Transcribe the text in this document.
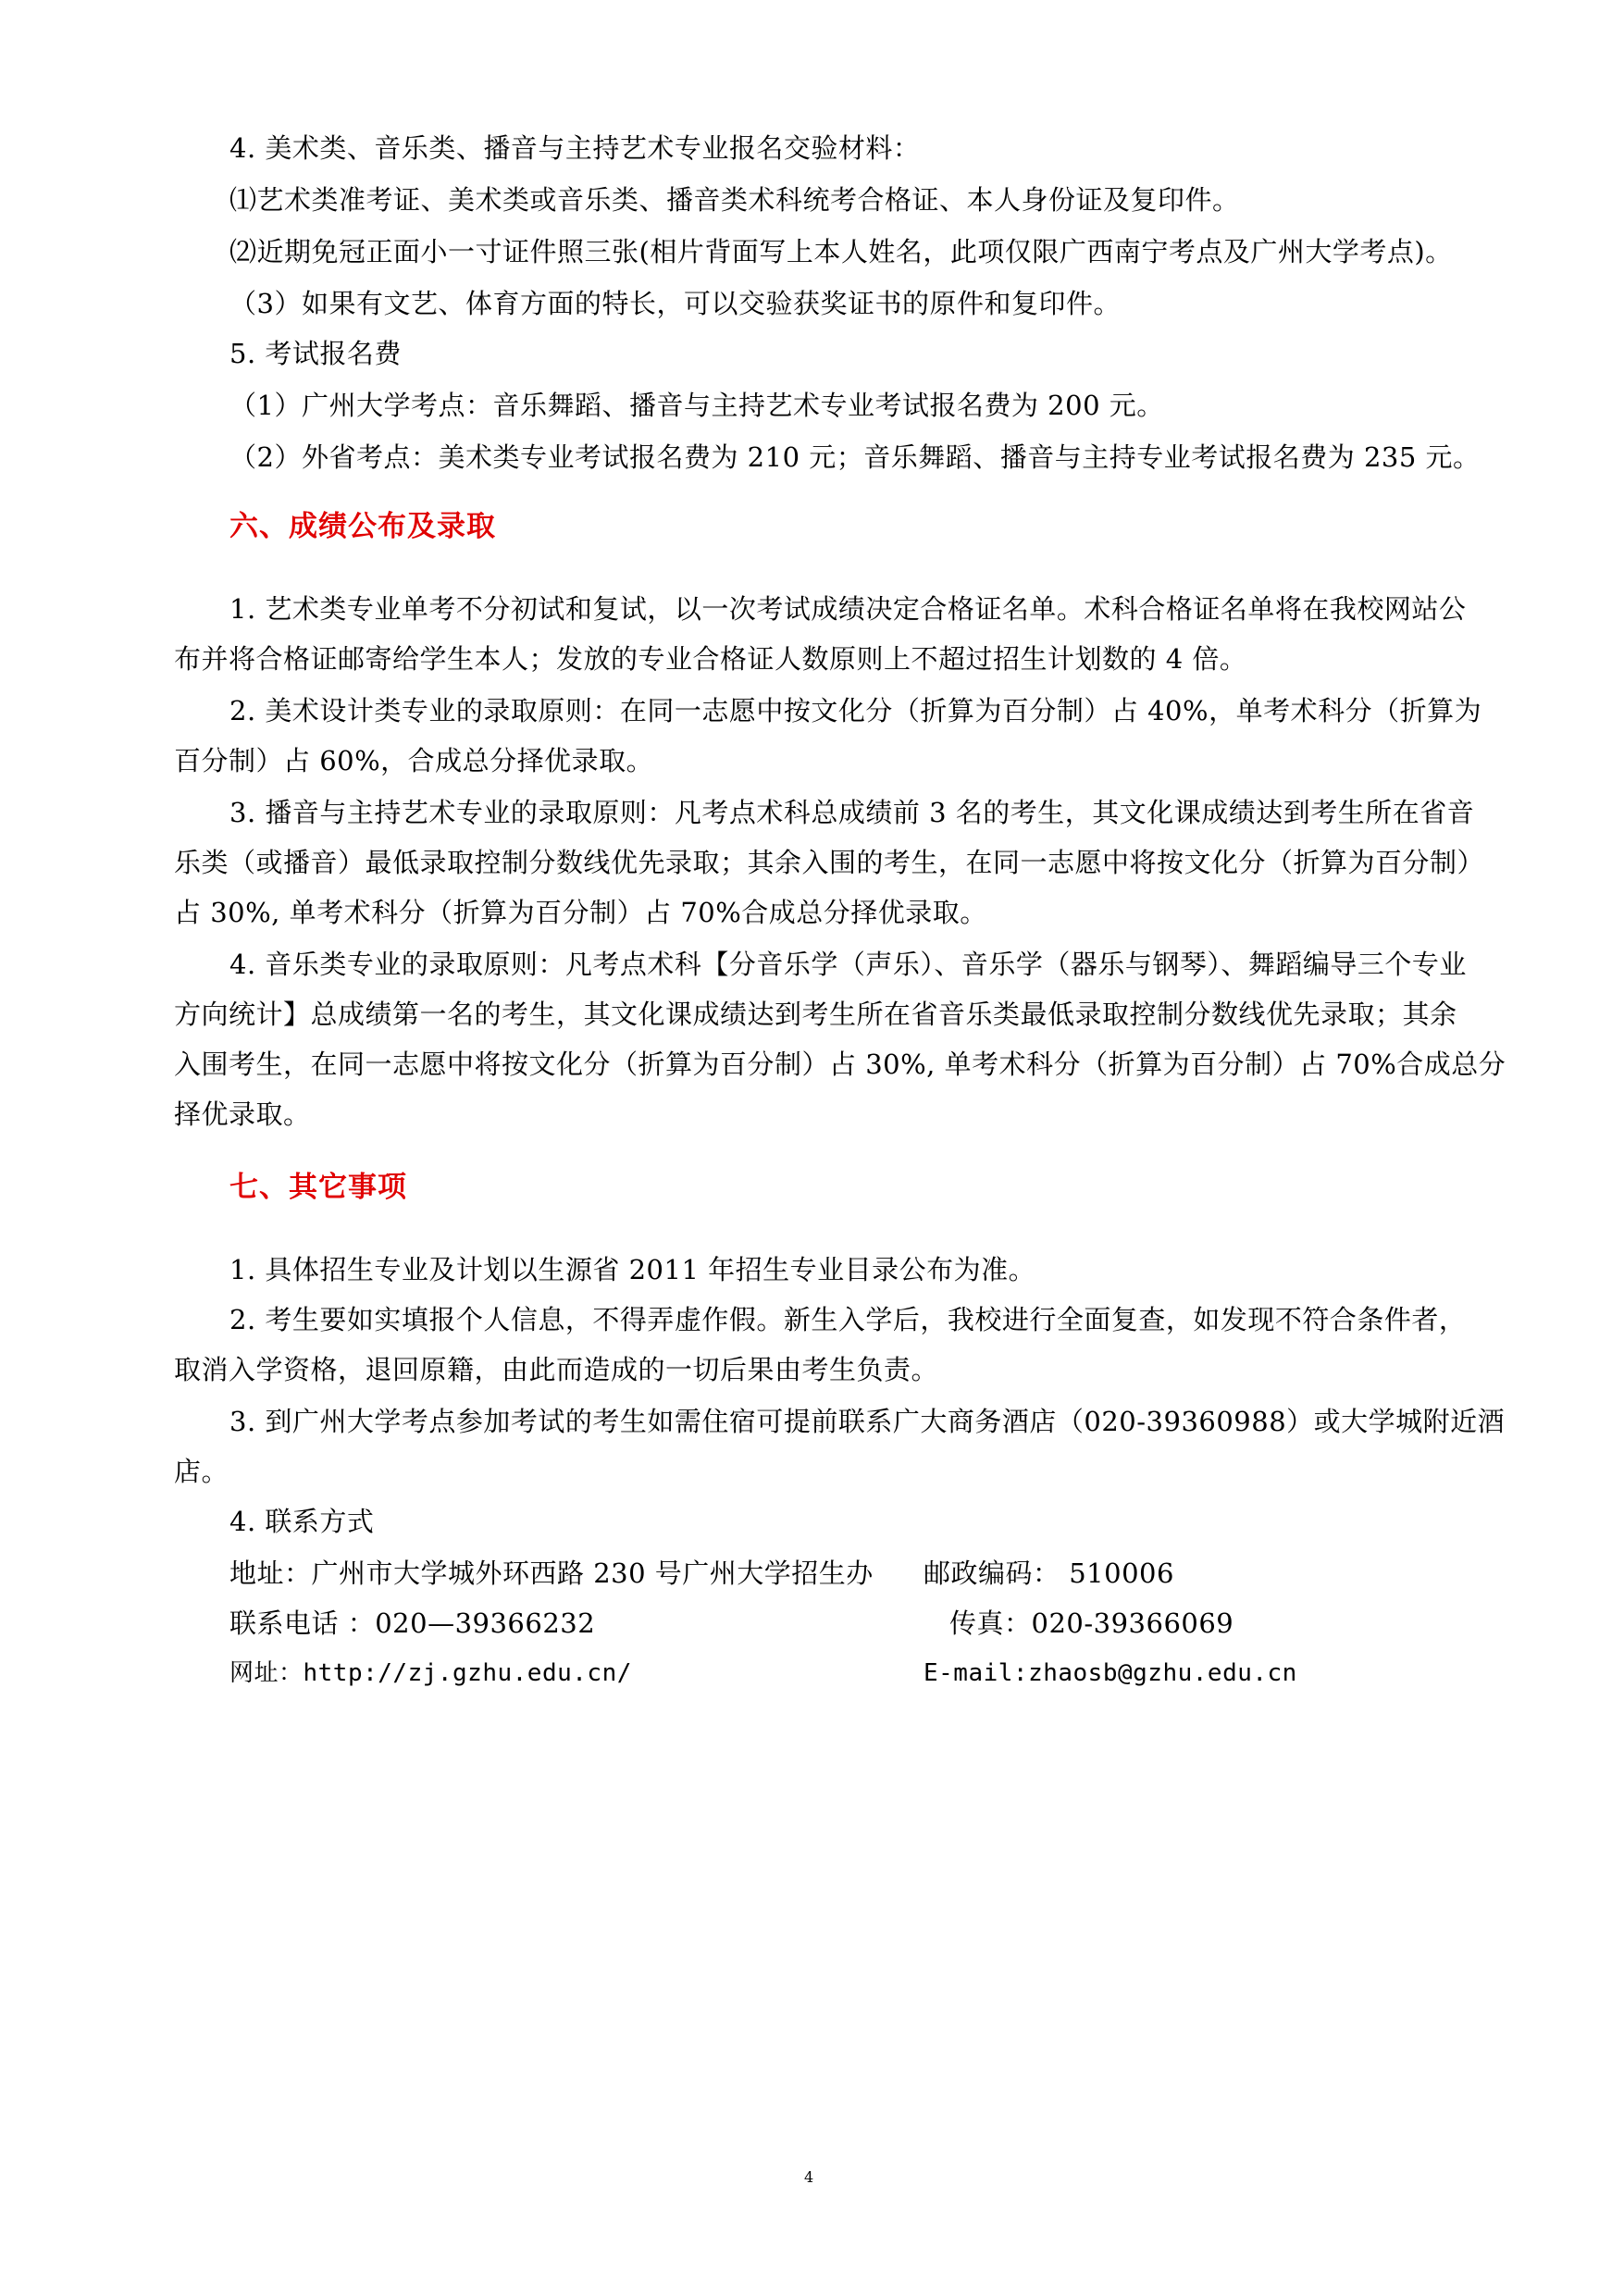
4. 美术类、音乐类、播音与主持艺术专业报名交验材料：
⑴艺术类准考证、美术类或音乐类、播音类术科统考合格证、本人身份证及复印件。
⑵近期免冠正面小一寸证件照三张(相片背面写上本人姓名，此项仅限广西南宁考点及广州大学考点)。
（3）如果有文艺、体育方面的特长，可以交验获奖证书的原件和复印件。
5. 考试报名费
（1）广州大学考点：音乐舞蹈、播音与主持艺术专业考试报名费为 200 元。
（2）外省考点：美术类专业考试报名费为 210 元；音乐舞蹈、播音与主持专业考试报名费为 235 元。
六、成绩公布及录取
1. 艺术类专业单考不分初试和复试，以一次考试成绩决定合格证名单。术科合格证名单将在我校网站公
布并将合格证邮寄给学生本人；发放的专业合格证人数原则上不超过招生计划数的 4 倍。
2. 美术设计类专业的录取原则：在同一志愿中按文化分（折算为百分制）占 40%，单考术科分（折算为
百分制）占 60%，合成总分择优录取。
3. 播音与主持艺术专业的录取原则：凡考点术科总成绩前 3 名的考生，其文化课成绩达到考生所在省音
乐类（或播音）最低录取控制分数线优先录取；其余入围的考生，在同一志愿中将按文化分（折算为百分制）
占 30%, 单考术科分（折算为百分制）占 70%合成总分择优录取。
4. 音乐类专业的录取原则：凡考点术科【分音乐学（声乐）、音乐学（器乐与钢琴）、舞蹈编导三个专业
方向统计】总成绩第一名的考生，其文化课成绩达到考生所在省音乐类最低录取控制分数线优先录取；其余
入围考生，在同一志愿中将按文化分（折算为百分制）占 30%, 单考术科分（折算为百分制）占 70%合成总分
择优录取。
七、其它事项
1. 具体招生专业及计划以生源省 2011 年招生专业目录公布为准。
2. 考生要如实填报个人信息，不得弄虚作假。新生入学后，我校进行全面复查，如发现不符合条件者，
取消入学资格，退回原籍，由此而造成的一切后果由考生负责。
3. 到广州大学考点参加考试的考生如需住宿可提前联系广大商务酒店（020-39360988）或大学城附近酒
店。
4. 联系方式
地址：广州市大学城外环西路 230 号广州大学招生办 邮政编码： 510006
联系电话 ：020—39366232	传真：020-39366069
网址：http://zj.gzhu.edu.cn/	E-mail:zhaosb@gzhu.edu.cn
4
